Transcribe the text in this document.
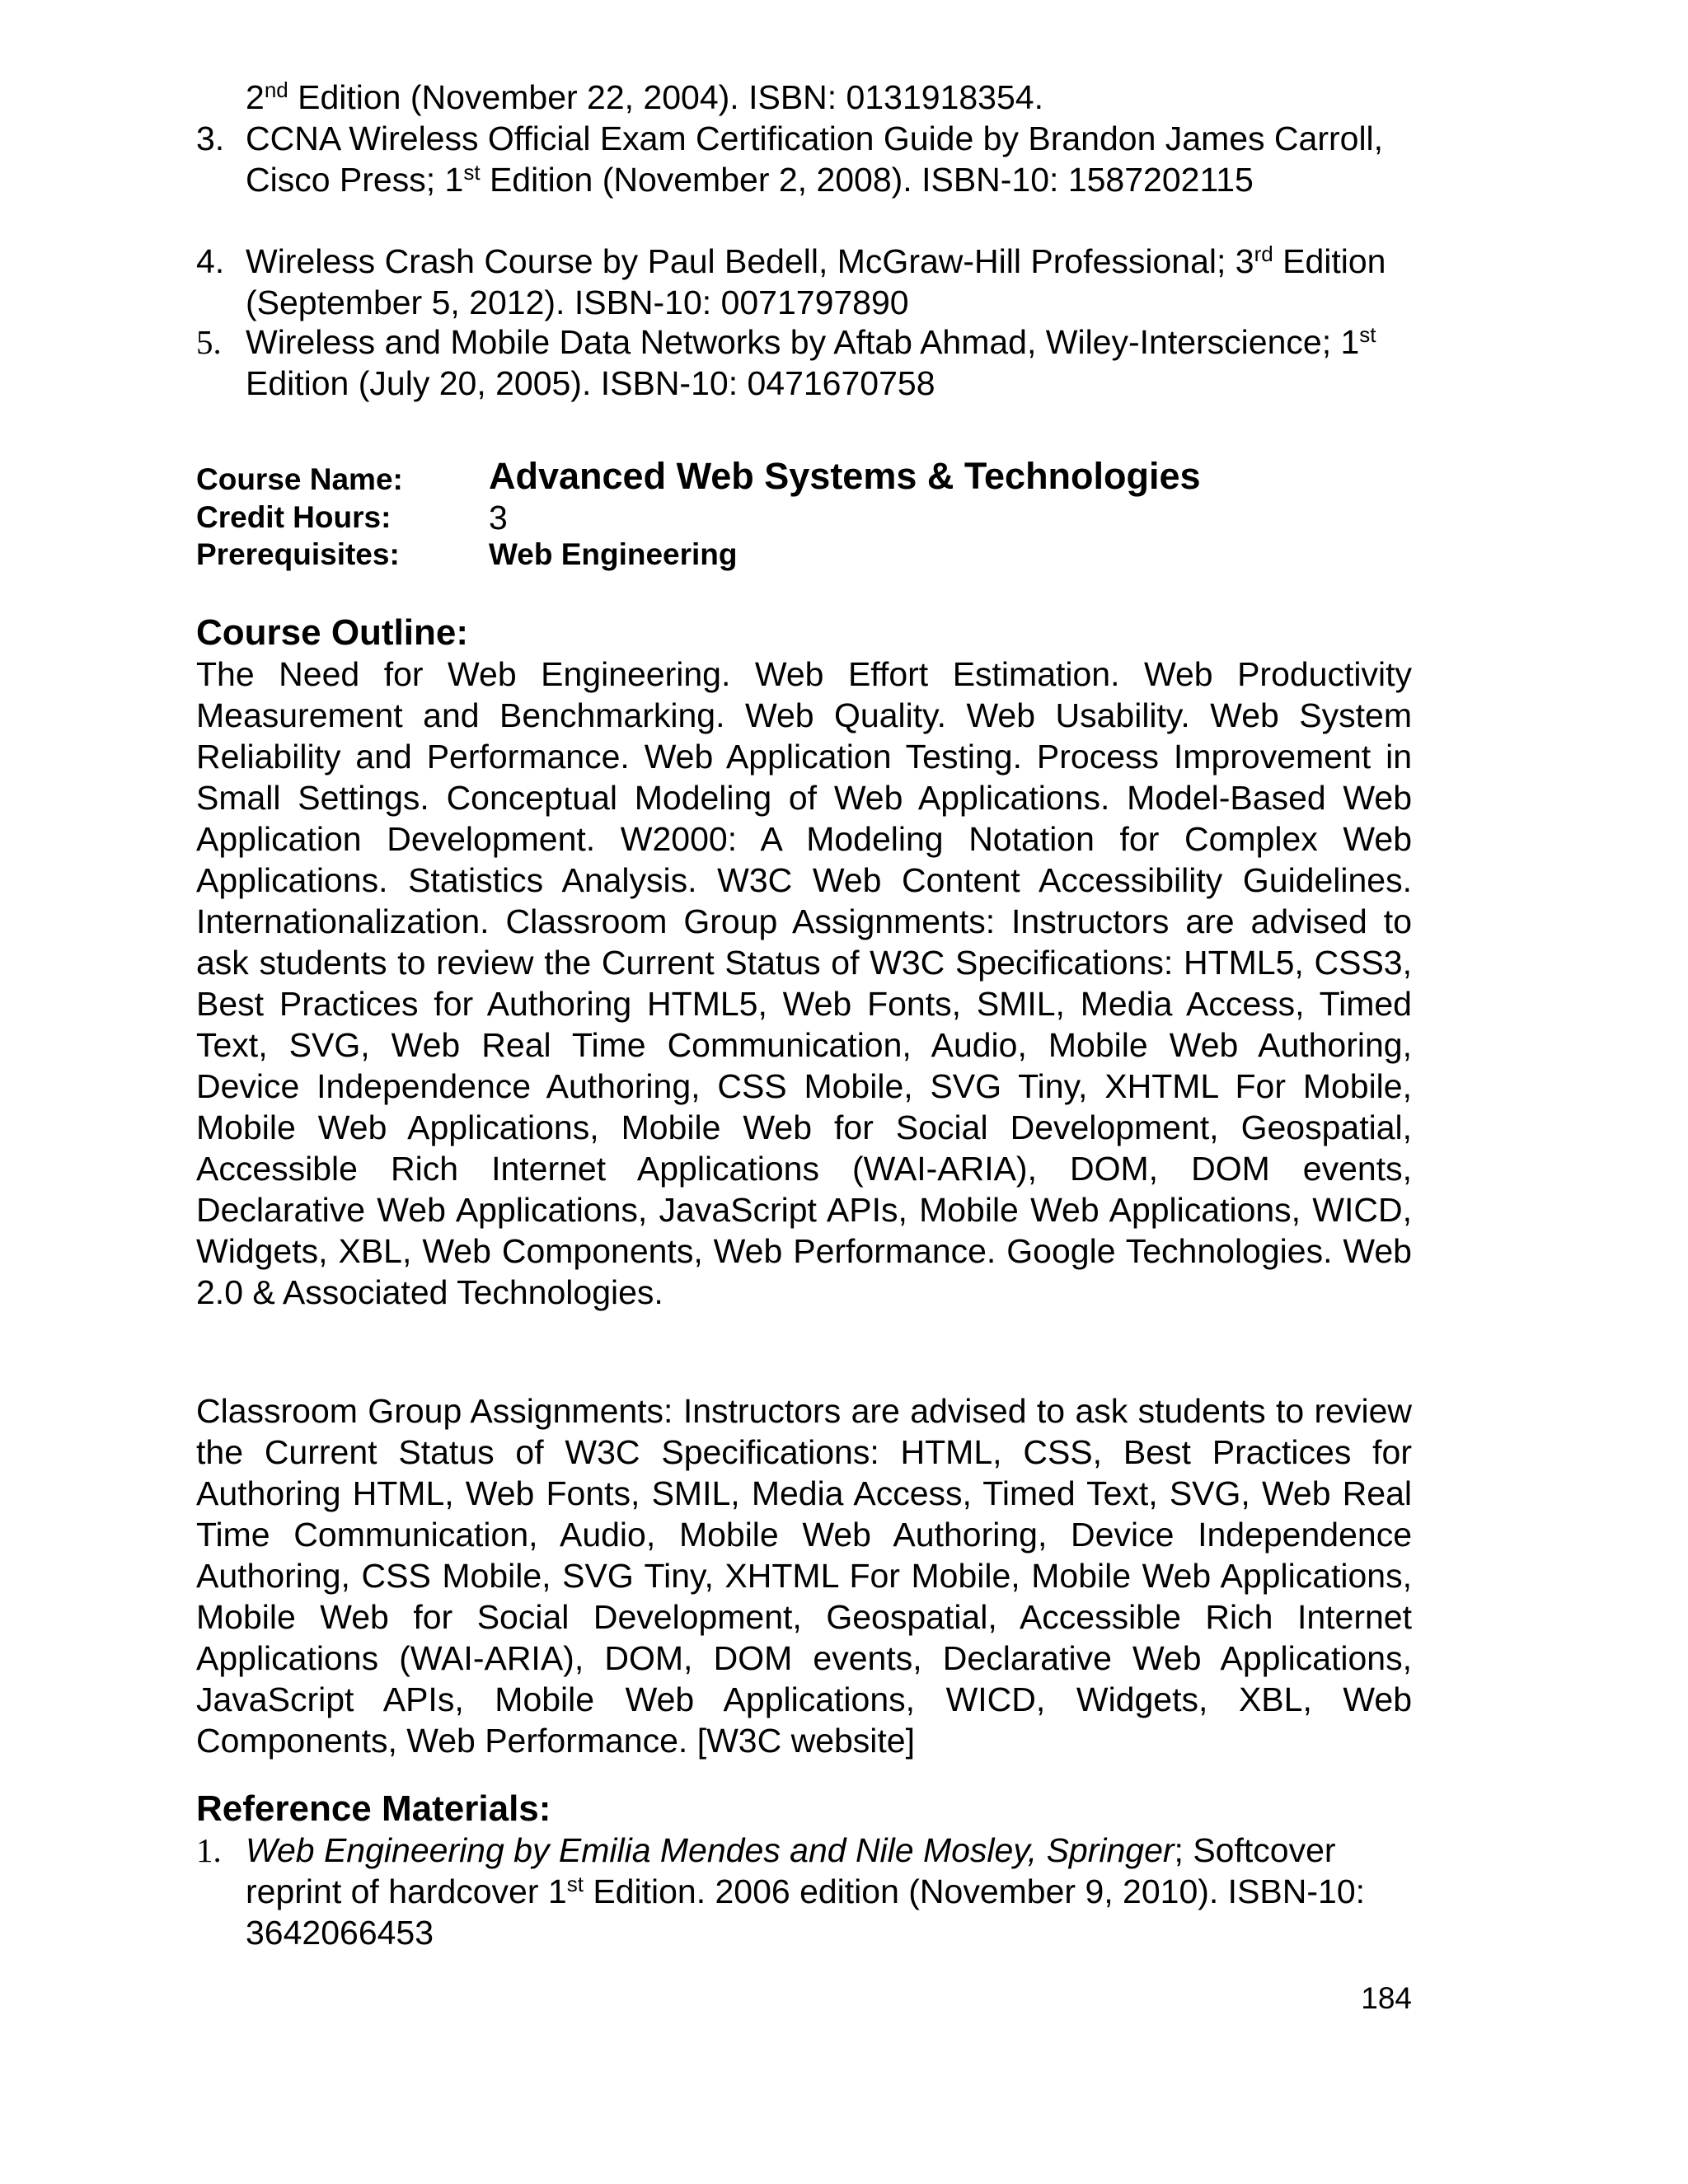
2nd Edition (November 22, 2004). ISBN: 0131918354.
3. CCNA Wireless Official Exam Certification Guide by Brandon James Carroll, Cisco Press; 1st Edition (November 2, 2008). ISBN-10: 1587202115
4. Wireless Crash Course by Paul Bedell, McGraw-Hill Professional; 3rd Edition (September 5, 2012). ISBN-10: 0071797890
5. Wireless and Mobile Data Networks by Aftab Ahmad, Wiley-Interscience; 1st Edition (July 20, 2005). ISBN-10: 0471670758
Course Name: Advanced Web Systems & Technologies
Credit Hours:	3
Prerequisites:	Web Engineering
Course Outline:
The Need for Web Engineering. Web Effort Estimation. Web Productivity Measurement and Benchmarking. Web Quality. Web Usability. Web System Reliability and Performance. Web Application Testing. Process Improvement in Small Settings. Conceptual Modeling of Web Applications. Model-Based Web Application Development. W2000: A Modeling Notation for Complex Web Applications. Statistics Analysis. W3C Web Content Accessibility Guidelines. Internationalization. Classroom Group Assignments: Instructors are advised to ask students to review the Current Status of W3C Specifications: HTML5, CSS3, Best Practices for Authoring HTML5, Web Fonts, SMIL, Media Access, Timed Text, SVG, Web Real Time Communication, Audio, Mobile Web Authoring, Device Independence Authoring, CSS Mobile, SVG Tiny, XHTML For Mobile, Mobile Web Applications, Mobile Web for Social Development, Geospatial, Accessible Rich Internet Applications (WAI-ARIA), DOM, DOM events, Declarative Web Applications, JavaScript APIs, Mobile Web Applications, WICD, Widgets, XBL, Web Components, Web Performance. Google Technologies. Web 2.0 & Associated Technologies.
Classroom Group Assignments: Instructors are advised to ask students to review the Current Status of W3C Specifications: HTML, CSS, Best Practices for Authoring HTML, Web Fonts, SMIL, Media Access, Timed Text, SVG, Web Real Time Communication, Audio, Mobile Web Authoring, Device Independence Authoring, CSS Mobile, SVG Tiny, XHTML For Mobile, Mobile Web Applications, Mobile Web for Social Development, Geospatial, Accessible Rich Internet Applications (WAI-ARIA), DOM, DOM events, Declarative Web Applications, JavaScript APIs, Mobile Web Applications, WICD, Widgets, XBL, Web Components, Web Performance. [W3C website]
Reference Materials:
1. Web Engineering by Emilia Mendes and Nile Mosley, Springer; Softcover reprint of hardcover 1st Edition. 2006 edition (November 9, 2010). ISBN-10: 3642066453
184
